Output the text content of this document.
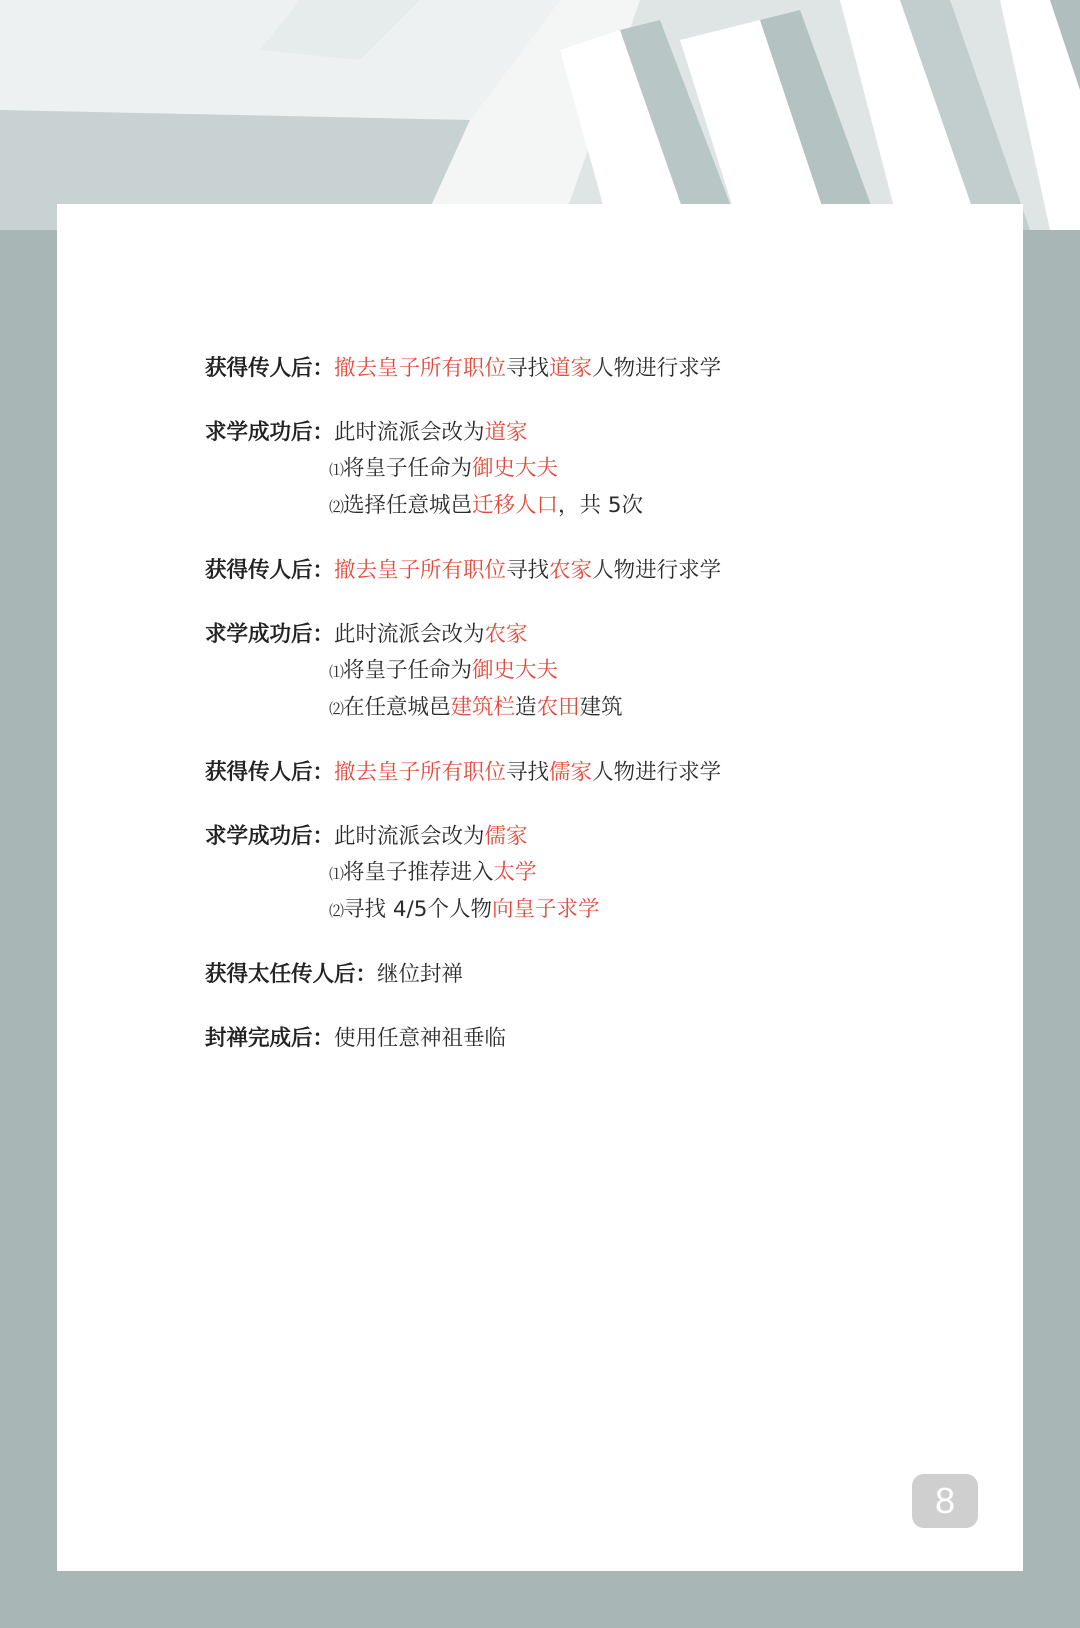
获得传人后：撤去皇子所有职位寻找道家人物进行求学
求学成功后：此时流派会改为道家
⑴将皇子任命为御史大夫
⑵选择任意城邑迁移人口，共 5次
获得传人后：撤去皇子所有职位寻找农家人物进行求学
求学成功后：此时流派会改为农家
⑴将皇子任命为御史大夫
⑵在任意城邑建筑栏造农田建筑
获得传人后：撤去皇子所有职位寻找儒家人物进行求学
求学成功后：此时流派会改为儒家
⑴将皇子推荐进入太学
⑵寻找 4/5个人物向皇子求学
获得太任传人后：继位封禅
封禅完成后：使用任意神祖垂临
8
